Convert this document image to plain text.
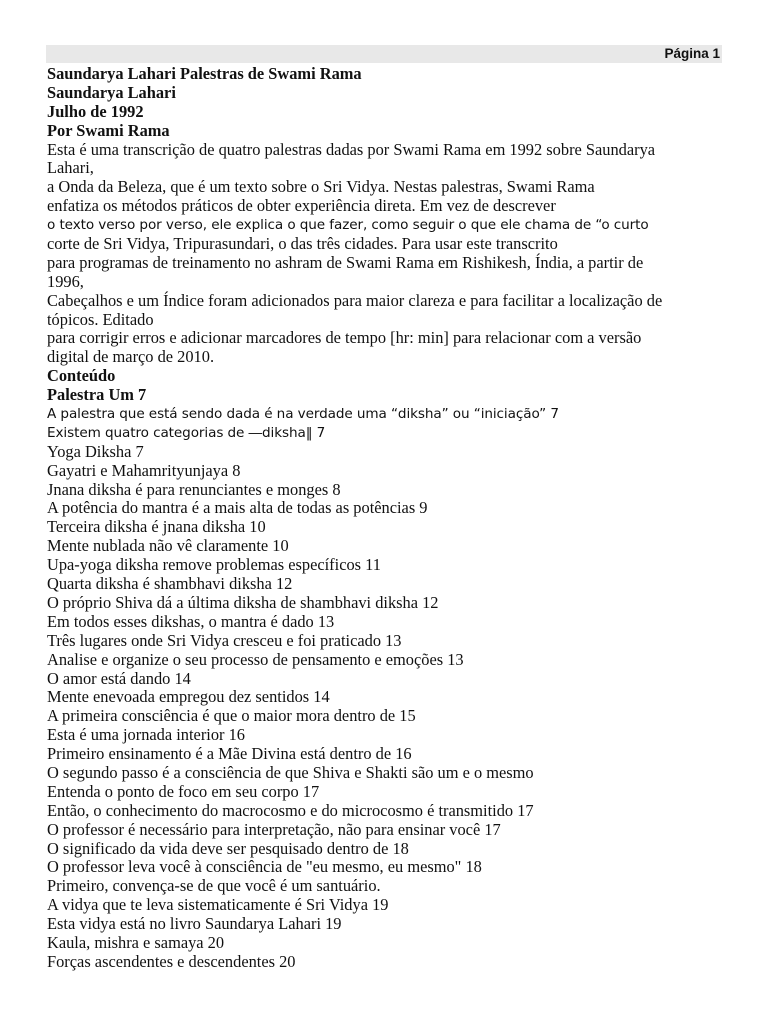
Página 1
Saundarya Lahari Palestras de Swami Rama
Saundarya Lahari
Julho de 1992
Por Swami Rama
Esta é uma transcrição de quatro palestras dadas por Swami Rama em 1992 sobre Saundarya
Lahari,
a Onda da Beleza, que é um texto sobre o Sri Vidya. Nestas palestras, Swami Rama
enfatiza os métodos práticos de obter experiência direta. Em vez de descrever
o texto verso por verso, ele explica o que fazer, como seguir o que ele chama de “o curto
corte de Sri Vidya, Tripurasundari, o das três cidades. Para usar este transcrito
para programas de treinamento no ashram de Swami Rama em Rishikesh, Índia, a partir de
1996,
Cabeçalhos e um Índice foram adicionados para maior clareza e para facilitar a localização de
tópicos. Editado
para corrigir erros e adicionar marcadores de tempo [hr: min] para relacionar com a versão
digital de março de 2010.
Conteúdo
Palestra Um 7
A palestra que está sendo dada é na verdade uma “diksha” ou “iniciação” 7
Existem quatro categorias de ―diksha‖ 7
Yoga Diksha 7
Gayatri e Mahamrityunjaya 8
Jnana diksha é para renunciantes e monges 8
A potência do mantra é a mais alta de todas as potências 9
Terceira diksha é jnana diksha 10
Mente nublada não vê claramente 10
Upa-yoga diksha remove problemas específicos 11
Quarta diksha é shambhavi diksha 12
O próprio Shiva dá a última diksha de shambhavi diksha 12
Em todos esses dikshas, o mantra é dado 13
Três lugares onde Sri Vidya cresceu e foi praticado 13
Analise e organize o seu processo de pensamento e emoções 13
O amor está dando 14
Mente enevoada empregou dez sentidos 14
A primeira consciência é que o maior mora dentro de 15
Esta é uma jornada interior 16
Primeiro ensinamento é a Mãe Divina está dentro de 16
O segundo passo é a consciência de que Shiva e Shakti são um e o mesmo
Entenda o ponto de foco em seu corpo 17
Então, o conhecimento do macrocosmo e do microcosmo é transmitido 17
O professor é necessário para interpretação, não para ensinar você 17
O significado da vida deve ser pesquisado dentro de 18
O professor leva você à consciência de "eu mesmo, eu mesmo" 18
Primeiro, convença-se de que você é um santuário.
A vidya que te leva sistematicamente é Sri Vidya 19
Esta vidya está no livro Saundarya Lahari 19
Kaula, mishra e samaya 20
Forças ascendentes e descendentes 20
